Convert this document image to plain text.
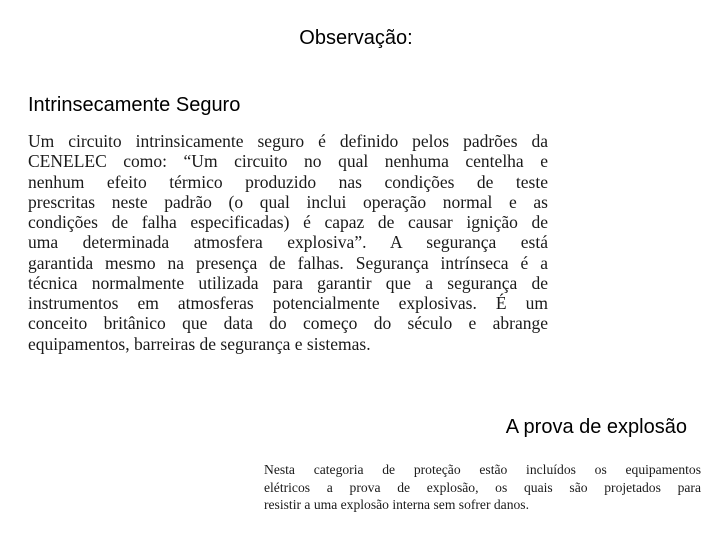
Observação:
Intrinsecamente Seguro
Um circuito intrinsicamente seguro é definido pelos padrões da
CENELEC como: “Um circuito no qual nenhuma centelha e
nenhum efeito térmico produzido nas condições de teste
prescritas neste padrão (o qual inclui operação normal e as
condições de falha especificadas) é capaz de causar ignição de
uma determinada atmosfera explosiva”. A segurança está
garantida mesmo na presença de falhas. Segurança intrínseca é a
técnica normalmente utilizada para garantir que a segurança de
instrumentos em atmosferas potencialmente explosivas. É um
conceito britânico que data do começo do século e abrange
equipamentos, barreiras de segurança e sistemas.
A prova de explosão
Nesta categoria de proteção estão incluídos os equipamentos
elétricos a prova de explosão, os quais são projetados para
resistir a uma explosão interna sem sofrer danos.
